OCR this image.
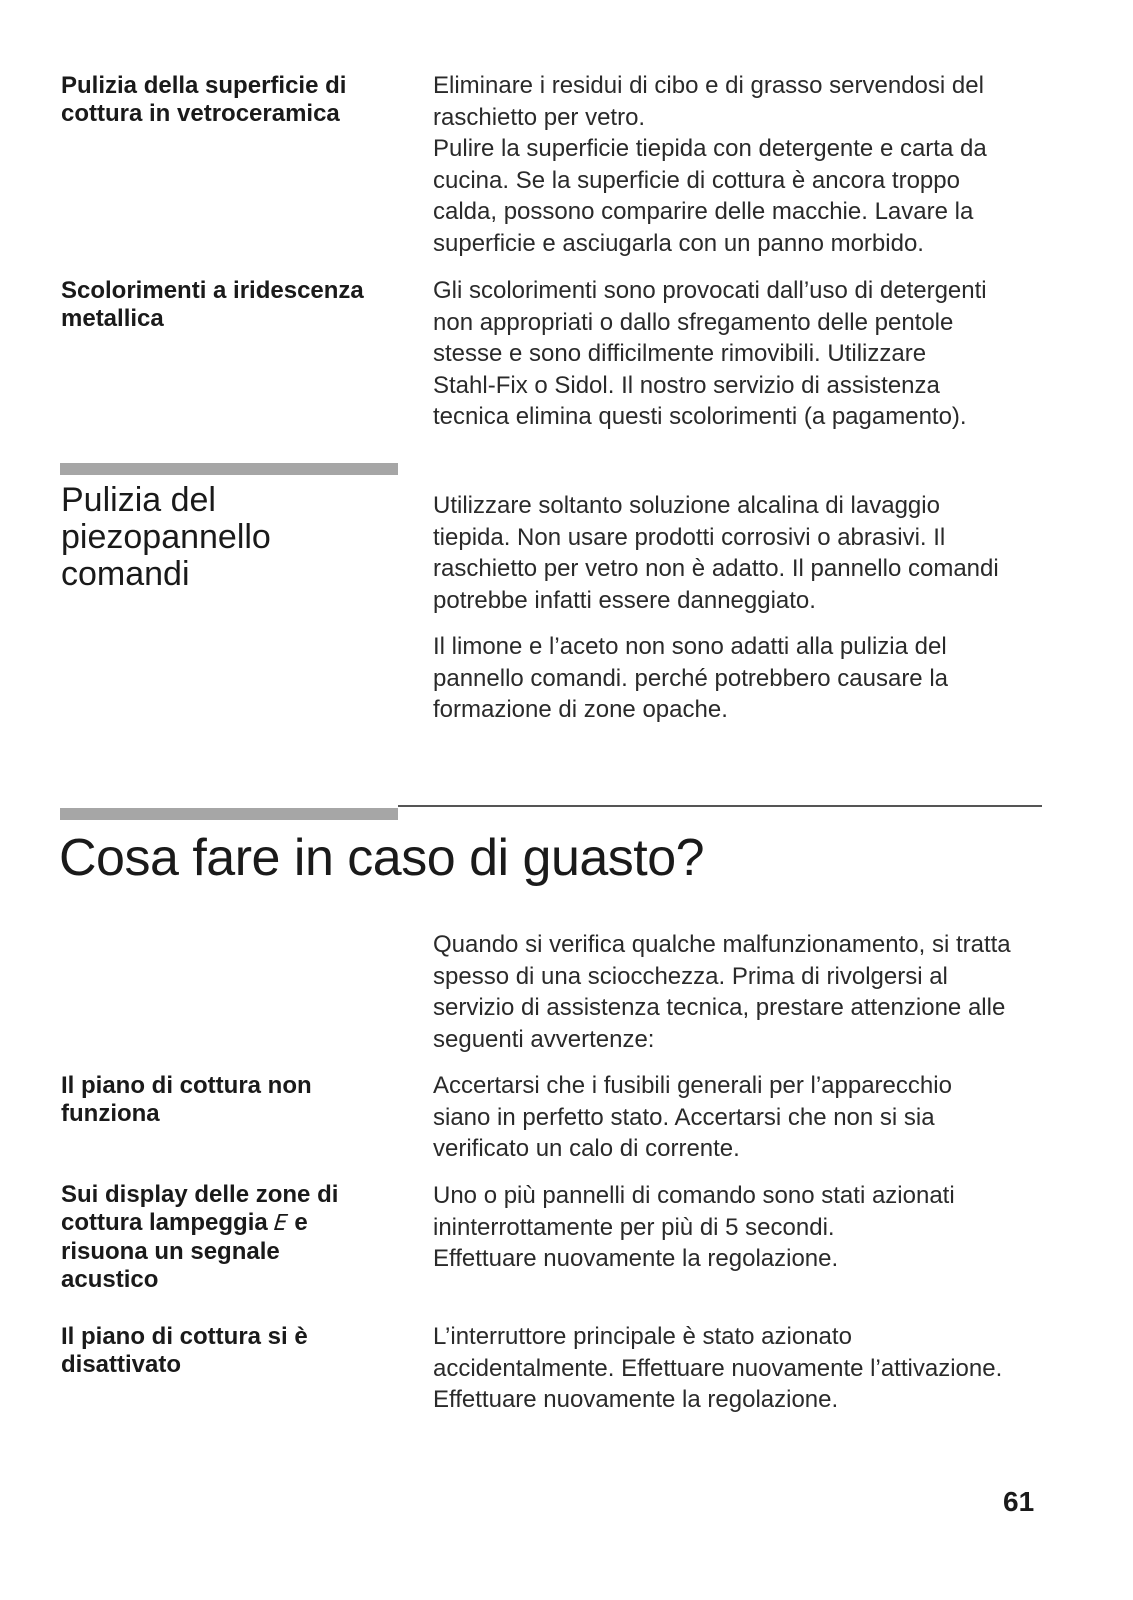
Pulizia della superficie di
cottura in vetroceramica

Eliminare i residui di cibo e di grasso servendosi del

raschietto per vetro.

Pulire la superficie tiepida con detergente e carta da

cucina. Se la superficie di cottura è ancora troppo

calda, possono comparire delle macchie. Lavare la

superficie e asciugarla con un panno morbido.

Scolorimenti a iridescenza
metallica

Gli scolorimenti sono provocati dall’uso di detergenti

non appropriati o dallo sfregamento delle pentole

stesse e sono difficilmente rimovibili. Utilizzare

Stahl-Fix o Sidol. Il nostro servizio di assistenza

tecnica elimina questi scolorimenti (a pagamento).

Pulizia del
piezopannello
comandi

Utilizzare soltanto soluzione alcalina di lavaggio

tiepida. Non usare prodotti corrosivi o abrasivi. Il

raschietto per vetro non è adatto. Il pannello comandi

potrebbe infatti essere danneggiato.

Il limone e l’aceto non sono adatti alla pulizia del

pannello comandi. perché potrebbero causare la

formazione di zone opache.

Cosa fare in caso di guasto?

Quando si verifica qualche malfunzionamento, si tratta

spesso di una sciocchezza. Prima di rivolgersi al

servizio di assistenza tecnica, prestare attenzione alle

seguenti avvertenze:

Il piano di cottura non
funziona

Accertarsi che i fusibili generali per l’apparecchio

siano in perfetto stato. Accertarsi che non si sia

verificato un calo di corrente.

Sui display delle zone di
cottura lampeggia E e
risuona un segnale
acustico

Uno o più pannelli di comando sono stati azionati

ininterrottamente per più di 5 secondi.

Effettuare nuovamente la regolazione.

Il piano di cottura si è
disattivato

L’interruttore principale è stato azionato

accidentalmente. Effettuare nuovamente l’attivazione.

Effettuare nuovamente la regolazione.

61
